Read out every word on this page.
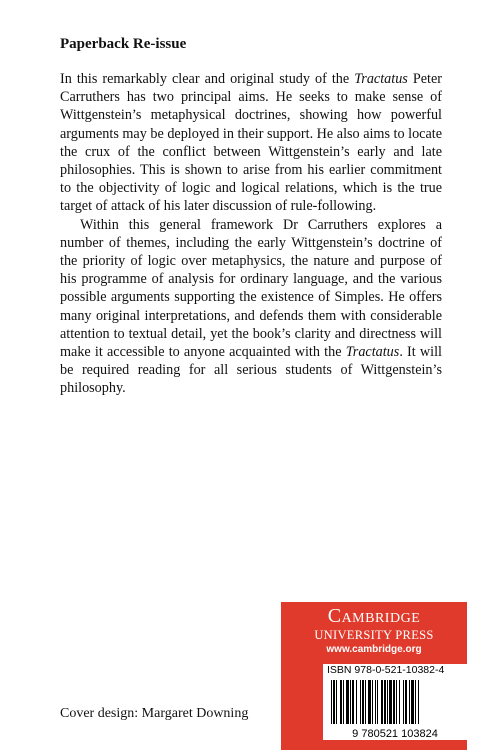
Paperback Re-issue

In this remarkably clear and original study of the Tractatus Peter Carruthers has two principal aims. He seeks to make sense of Wittgenstein’s metaphysical doctrines, showing how powerful arguments may be deployed in their support. He also aims to locate the crux of the conflict between Wittgenstein’s early and late philosophies. This is shown to arise from his earlier commitment to the objectivity of logic and logical relations, which is the true target of attack of his later discussion of rule-following.

Within this general framework Dr Carruthers explores a number of themes, including the early Wittgenstein’s doctrine of the priority of logic over metaphysics, the nature and purpose of his programme of analysis for ordinary language, and the various possible arguments supporting the existence of Simples. He offers many original interpretations, and defends them with considerable attention to textual detail, yet the book’s clarity and directness will make it accessible to anyone acquainted with the Tractatus. It will be required reading for all serious students of Wittgenstein’s philosophy.

Cover design: Margaret Downing

Cambridge
UNIVERSITY PRESS
www.cambridge.org

ISBN 978-0-521-10382-4

9 780521 103824
